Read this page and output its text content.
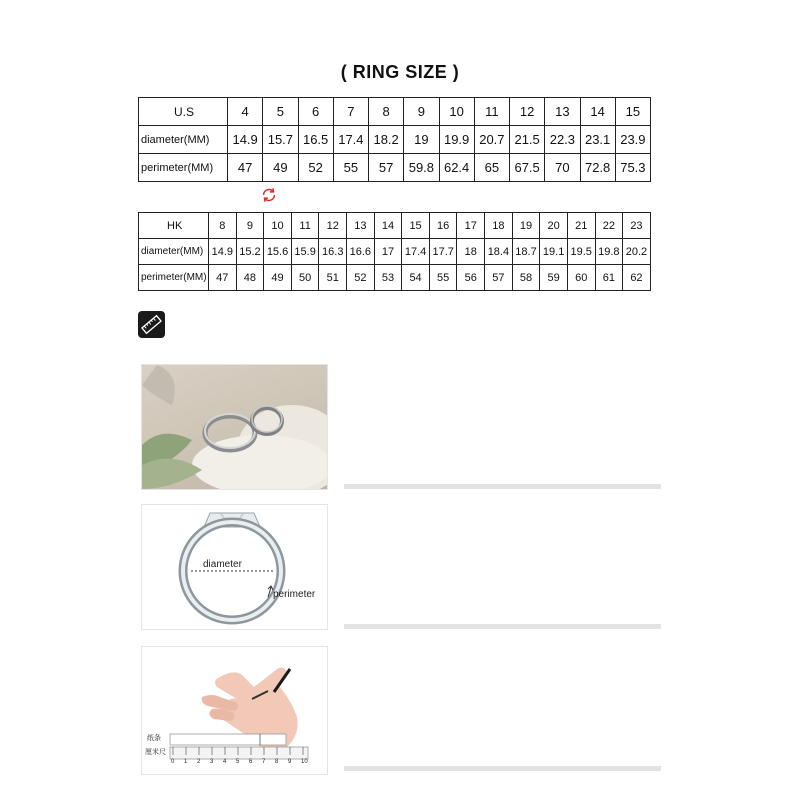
( RING SIZE )
U.S	4	5	6	7	8	9	10	11	12	13	14	15
diameter(MM)	14.9	15.7	16.5	17.4	18.2	19	19.9	20.7	21.5	22.3	23.1	23.9
perimeter(MM)	47	49	52	55	57	59.8	62.4	65	67.5	70	72.8	75.3
HK	8	9	10	11	12	13	14	15	16	17	18	19	20	21	22	23
diameter(MM)	14.9	15.2	15.6	15.9	16.3	16.6	17	17.4	17.7	18	18.4	18.7	19.1	19.5	19.8	20.2
perimeter(MM)	47	48	49	50	51	52	53	54	55	56	57	58	59	60	61	62
diameter
perimeter
纸条
厘米尺
0 1 2 3 4 5 6 7 8 9 10
